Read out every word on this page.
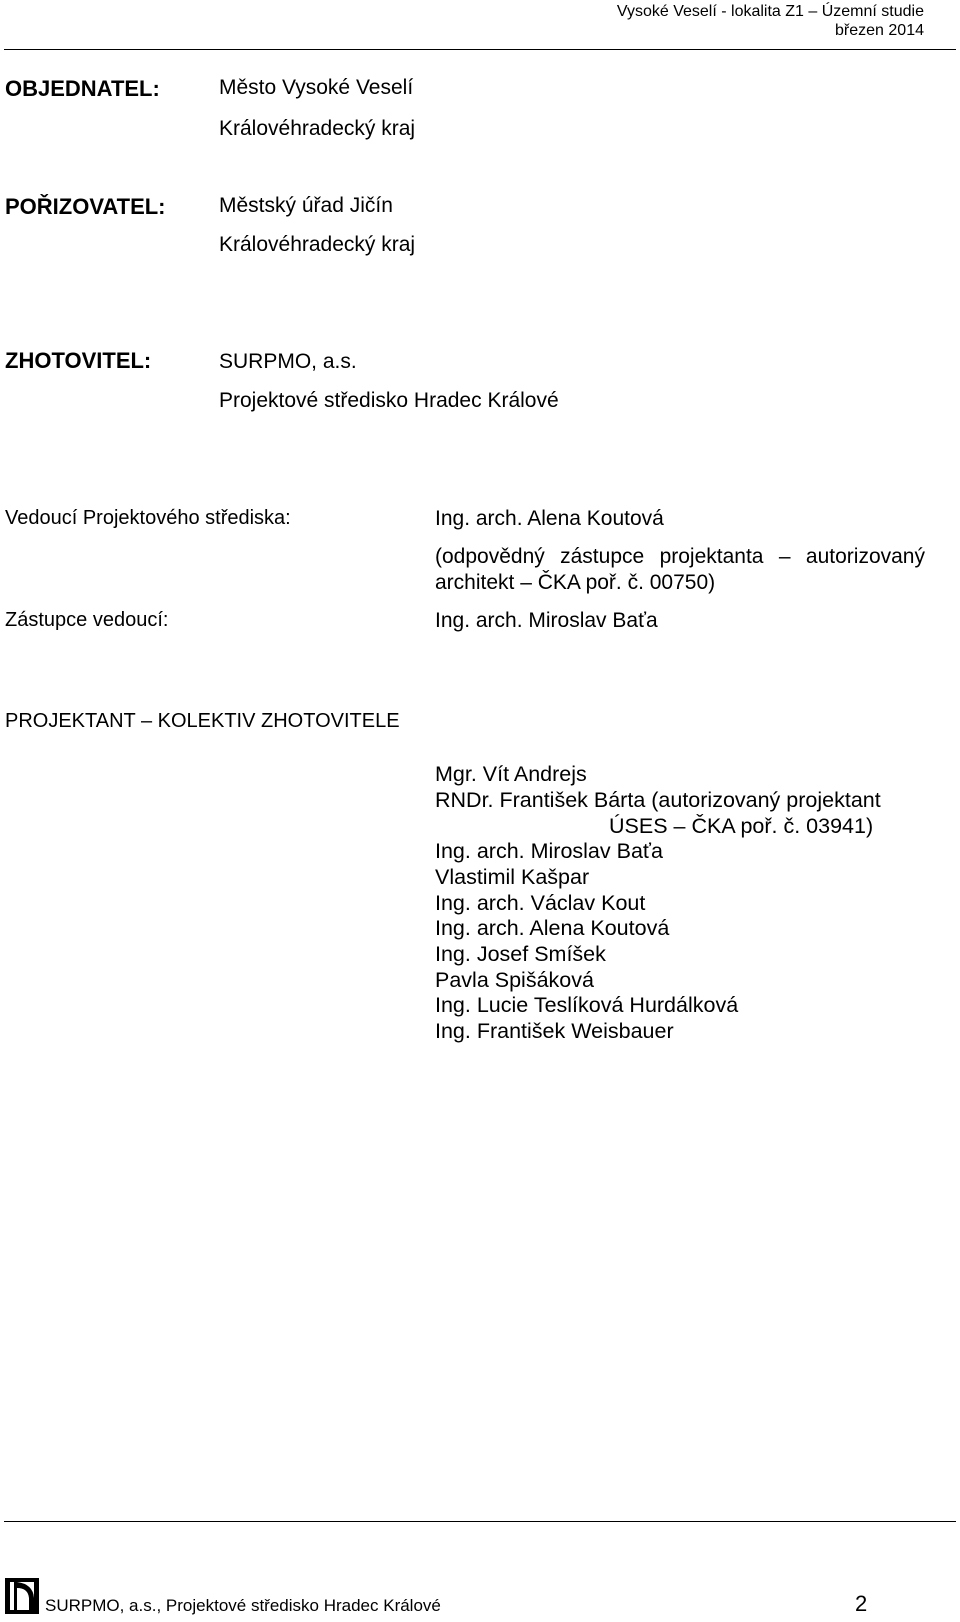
Vysoké Veselí - lokalita Z1 – Územní studie
březen 2014
OBJEDNATEL:	Město Vysoké Veselí
Královéhradecký kraj
POŘIZOVATEL:	Městský úřad Jičín
Královéhradecký kraj
ZHOTOVITEL:	SURPMO, a.s.
Projektové středisko Hradec Králové
Vedoucí Projektového střediska:	Ing. arch. Alena Koutová
(odpovědný zástupce projektanta – autorizovaný
architekt – ČKA poř. č. 00750)
Zástupce vedoucí:	Ing. arch. Miroslav Baťa
PROJEKTANT – KOLEKTIV ZHOTOVITELE
Mgr. Vít Andrejs
RNDr. František Bárta (autorizovaný projektant
ÚSES – ČKA poř. č. 03941)
Ing. arch. Miroslav Baťa
Vlastimil Kašpar
Ing. arch. Václav Kout
Ing. arch. Alena Koutová
Ing. Josef Smíšek
Pavla Spišáková
Ing. Lucie Teslíková Hurdálková
Ing. František Weisbauer
SURPMO, a.s., Projektové středisko Hradec Králové	2
